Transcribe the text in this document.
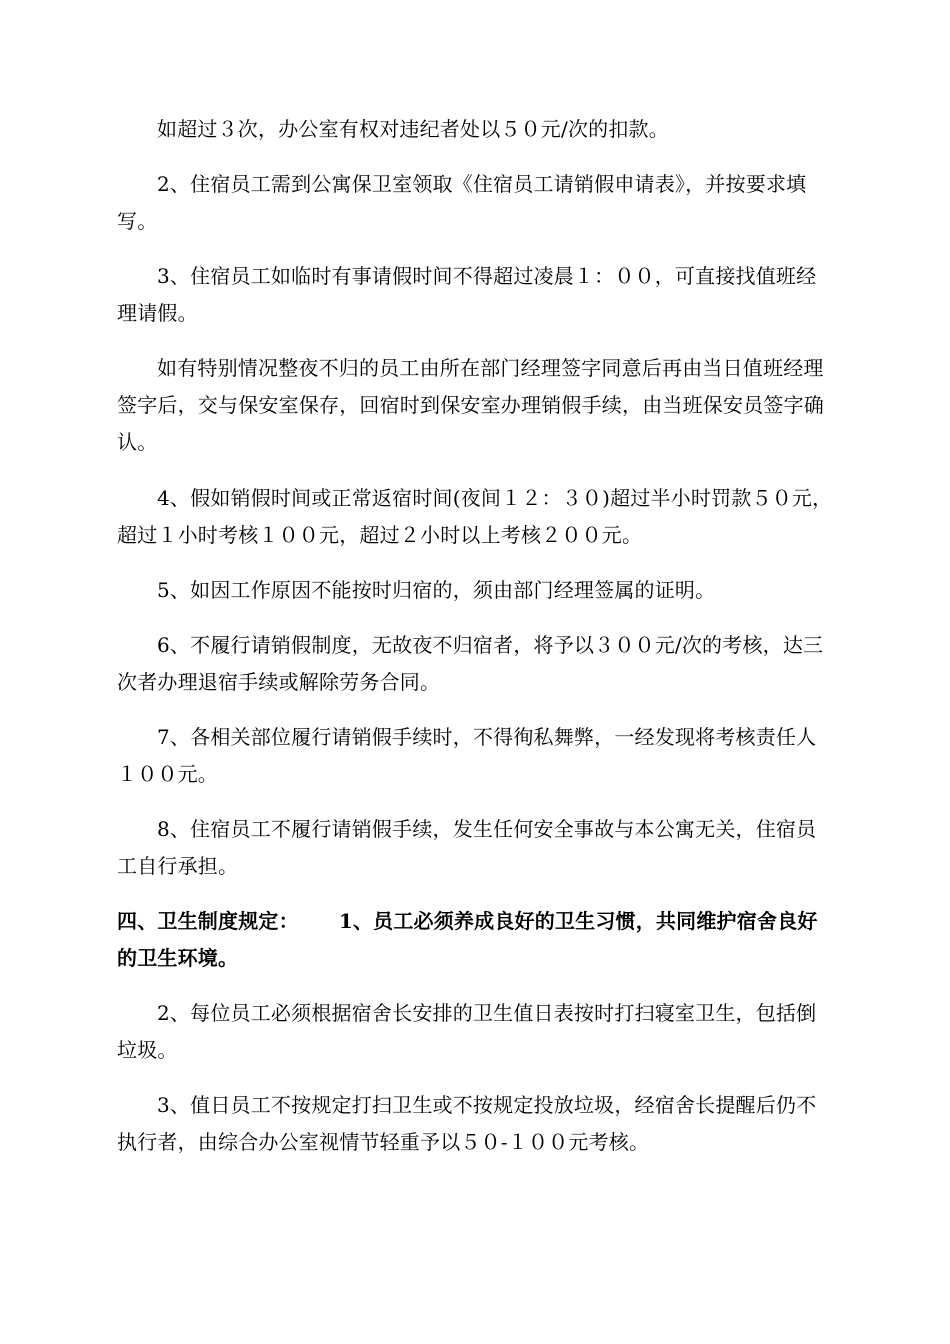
如超过３次，办公室有权对违纪者处以５０元/次的扣款。

2、住宿员工需到公寓保卫室领取《住宿员工请销假申请表》，并按要求填写。

3、住宿员工如临时有事请假时间不得超过凌晨１：００，可直接找值班经理请假。

如有特别情况整夜不归的员工由所在部门经理签字同意后再由当日值班经理签字后，交与保安室保存，回宿时到保安室办理销假手续，由当班保安员签字确认。

4、假如销假时间或正常返宿时间(夜间１２：３０)超过半小时罚款５０元，超过１小时考核１００元，超过２小时以上考核２００元。

5、如因工作原因不能按时归宿的，须由部门经理签属的证明。

6、不履行请销假制度，无故夜不归宿者，将予以３００元/次的考核，达三次者办理退宿手续或解除劳务合同。

7、各相关部位履行请销假手续时，不得徇私舞弊，一经发现将考核责任人１００元。

8、住宿员工不履行请销假手续，发生任何安全事故与本公寓无关，住宿员工自行承担。

四、卫生制度规定： 1、员工必须养成良好的卫生习惯，共同维护宿舍良好的卫生环境。

2、每位员工必须根据宿舍长安排的卫生值日表按时打扫寝室卫生，包括倒垃圾。

3、值日员工不按规定打扫卫生或不按规定投放垃圾，经宿舍长提醒后仍不执行者，由综合办公室视情节轻重予以５０-１００元考核。
